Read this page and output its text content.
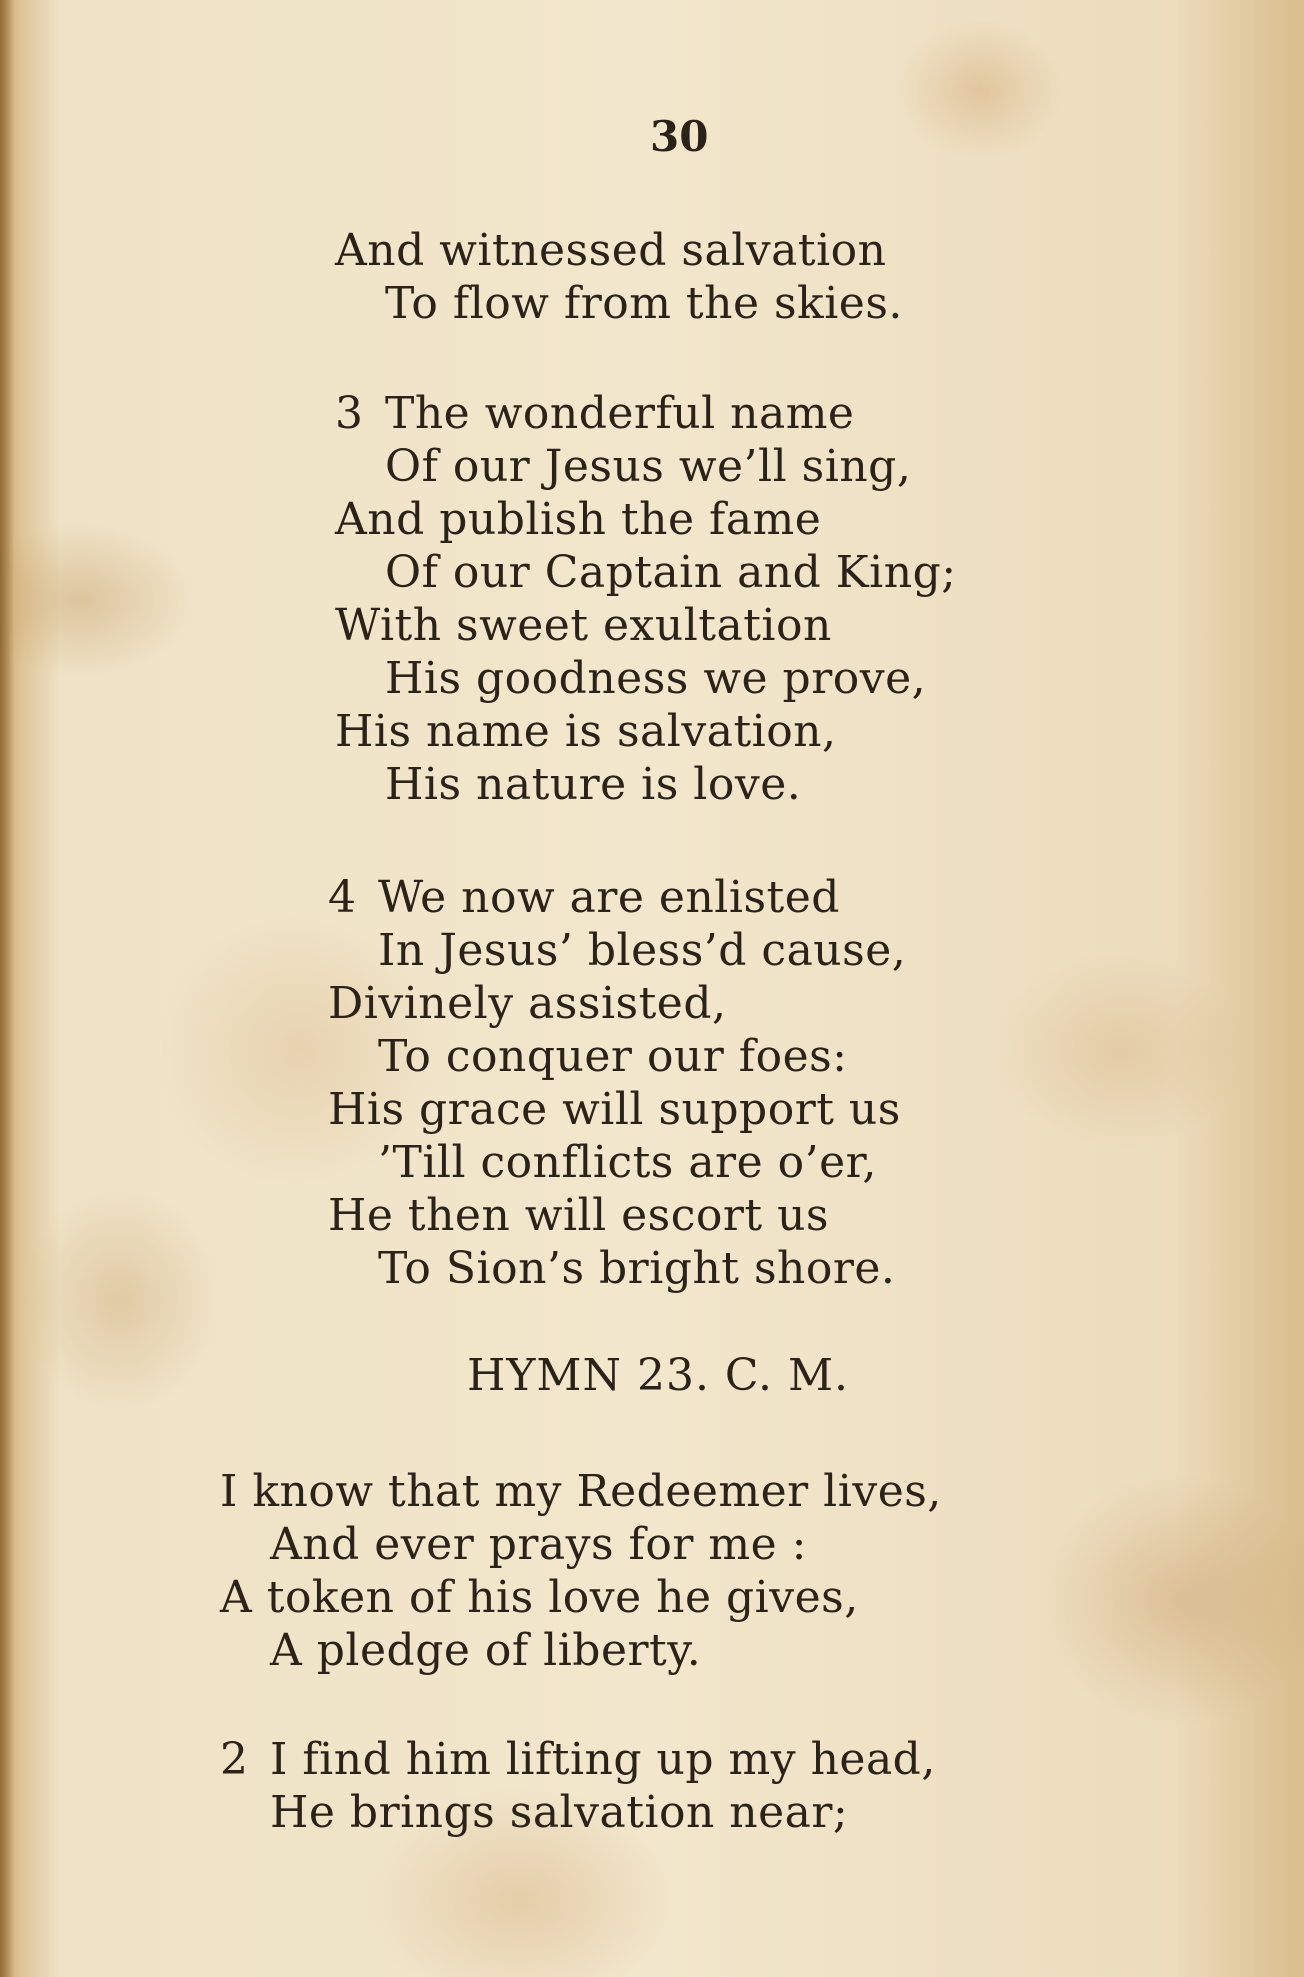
30
And witnessed salvation
To flow from the skies.
3 The wonderful name
Of our Jesus we’ll sing,
And publish the fame
Of our Captain and King;
With sweet exultation
His goodness we prove,
His name is salvation,
His nature is love.
4 We now are enlisted
In Jesus’ bless’d cause,
Divinely assisted,
To conquer our foes:
His grace will support us
’Till conflicts are o’er,
He then will escort us
To Sion’s bright shore.
HYMN 23. C. M.
I know that my Redeemer lives,
And ever prays for me :
A token of his love he gives,
A pledge of liberty.
2 I find him lifting up my head,
He brings salvation near;
